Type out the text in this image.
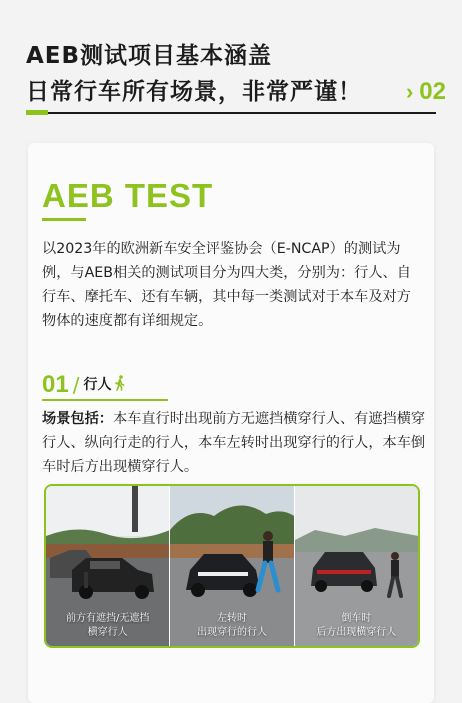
AEB测试项目基本涵盖
日常行车所有场景，非常严谨！ › 02
AEB TEST
以2023年的欧洲新车安全评鉴协会（E-NCAP）的测试为例，与AEB相关的测试项目分为四大类，分别为：行人、自行车、摩托车、还有车辆，其中每一类测试对于本车及对方物体的速度都有详细规定。
01 / 行人
场景包括：本车直行时出现前方无遮挡横穿行人、有遮挡横穿行人、纵向行走的行人，本车左转时出现穿行的行人，本车倒车时后方出现横穿行人。
前方有遮挡/无遮挡
横穿行人
左转时
出现穿行的行人
倒车时
后方出现横穿行人
